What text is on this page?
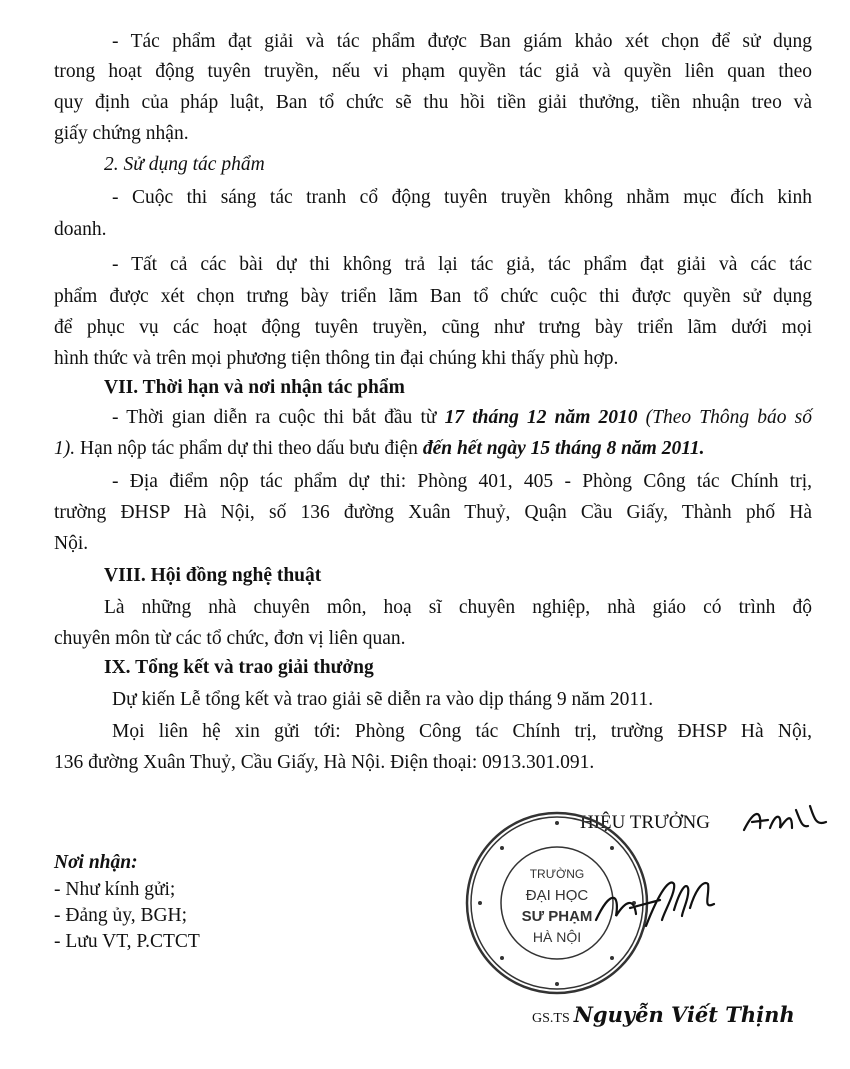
- Tác phẩm đạt giải và tác phẩm được Ban giám khảo xét chọn để sử dụng
trong hoạt động tuyên truyền, nếu vi phạm quyền tác giả và quyền liên quan theo
quy định của pháp luật, Ban tổ chức sẽ thu hồi tiền giải thưởng, tiền nhuận treo và
giấy chứng nhận.
2. Sử dụng tác phẩm
- Cuộc thi sáng tác tranh cổ động tuyên truyền không nhằm mục đích kinh
doanh.
- Tất cả các bài dự thi không trả lại tác giả, tác phẩm đạt giải và các tác
phẩm được xét chọn trưng bày triển lãm Ban tổ chức cuộc thi được quyền sử dụng
để phục vụ các hoạt động tuyên truyền, cũng như trưng bày triển lãm dưới mọi
hình thức và trên mọi phương tiện thông tin đại chúng khi thấy phù hợp.
VII. Thời hạn và nơi nhận tác phẩm
- Thời gian diễn ra cuộc thi bắt đầu từ 17 tháng 12 năm 2010 (Theo Thông báo số
1). Hạn nộp tác phẩm dự thi theo dấu bưu điện đến hết ngày 15 tháng 8 năm 2011.
- Địa điểm nộp tác phẩm dự thi: Phòng 401, 405 - Phòng Công tác Chính trị,
trường ĐHSP Hà Nội, số 136 đường Xuân Thuỷ, Quận Cầu Giấy, Thành phố Hà
Nội.
VIII. Hội đồng nghệ thuật
Là những nhà chuyên môn, hoạ sĩ chuyên nghiệp, nhà giáo có trình độ
chuyên môn từ các tổ chức, đơn vị liên quan.
IX. Tổng kết và trao giải thưởng
Dự kiến Lễ tổng kết và trao giải sẽ diễn ra vào dịp tháng 9 năm 2011.
Mọi liên hệ xin gửi tới: Phòng Công tác Chính trị, trường ĐHSP Hà Nội,
136 đường Xuân Thuỷ, Cầu Giấy, Hà Nội. Điện thoại: 0913.301.091.
Nơi nhận:
- Như kính gửi;
- Đảng ủy, BGH;
- Lưu VT, P.CTCT
HIỆU TRƯỞNG
TRƯỜNG
ĐẠI HỌC
SƯ PHẠM
HÀ NỘI
GS.TS Nguyễn Viết Thịnh
